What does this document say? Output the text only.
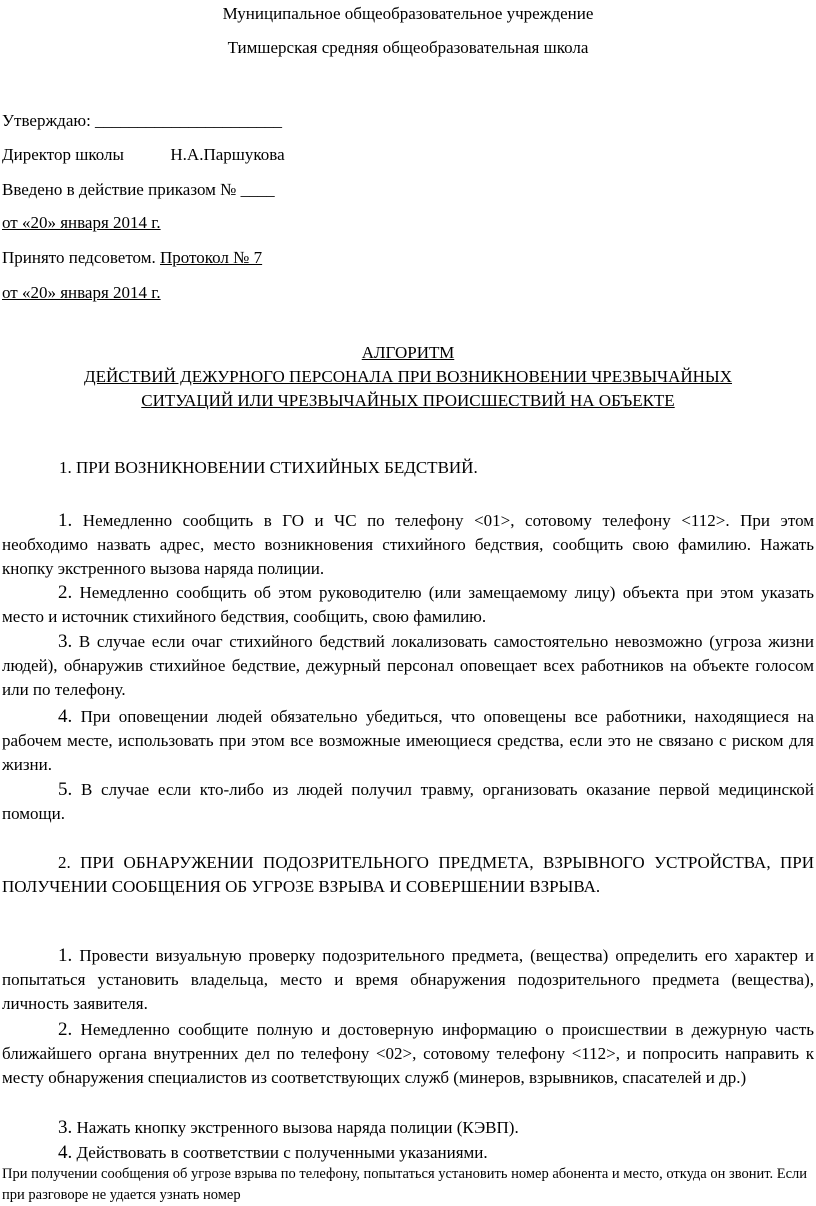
Муниципальное общеобразовательное учреждение
Тимшерская средняя общеобразовательная школа
Утверждаю: ______________________
Директор школы	Н.А.Паршукова
Введено в действие приказом № ____
от «20» января 2014 г.
Принято педсоветом. Протокол № 7
от «20» января 2014 г.
АЛГОРИТМ
ДЕЙСТВИЙ ДЕЖУРНОГО ПЕРСОНАЛА ПРИ ВОЗНИКНОВЕНИИ ЧРЕЗВЫЧАЙНЫХ
СИТУАЦИЙ ИЛИ ЧРЕЗВЫЧАЙНЫХ ПРОИСШЕСТВИЙ НА ОБЪЕКТЕ
1. ПРИ ВОЗНИКНОВЕНИИ СТИХИЙНЫХ БЕДСТВИЙ.
1. Немедленно сообщить в ГО и ЧС по телефону <01>, сотовому телефону <112>. При этом необходимо назвать адрес, место возникновения стихийного бедствия, сообщить свою фамилию. Нажать кнопку экстренного вызова наряда полиции.
2. Немедленно сообщить об этом руководителю (или замещаемому лицу) объекта при этом указать место и источник стихийного бедствия, сообщить, свою фамилию.
3. В случае если очаг стихийного бедствий локализовать самостоятельно невозможно (угроза жизни людей), обнаружив стихийное бедствие, дежурный персонал оповещает всех работников на объекте голосом или по телефону.
4. При оповещении людей обязательно убедиться, что оповещены все работники, находящиеся на рабочем месте, использовать при этом все возможные имеющиеся средства, если это не связано с риском для жизни.
5. В случае если кто-либо из людей получил травму, организовать оказание первой медицинской помощи.
2. ПРИ ОБНАРУЖЕНИИ ПОДОЗРИТЕЛЬНОГО ПРЕДМЕТА, ВЗРЫВНОГО УСТРОЙСТВА, ПРИ ПОЛУЧЕНИИ СООБЩЕНИЯ ОБ УГРОЗЕ ВЗРЫВА И СОВЕРШЕНИИ ВЗРЫВА.
1. Провести визуальную проверку подозрительного предмета, (вещества) определить его характер и попытаться установить владельца, место и время обнаружения подозрительного предмета (вещества), личность заявителя.
2. Немедленно сообщите полную и достоверную информацию о происшествии в дежурную часть ближайшего органа внутренних дел по телефону <02>, сотовому телефону <112>, и попросить направить к месту обнаружения специалистов из соответствующих служб (минеров, взрывников, спасателей и др.)
3. Нажать кнопку экстренного вызова наряда полиции (КЭВП).
4. Действовать в соответствии с полученными указаниями.
При получении сообщения об угрозе взрыва по телефону, попытаться установить номер абонента и место, откуда он звонит. Если при разговоре не удается узнать номер
